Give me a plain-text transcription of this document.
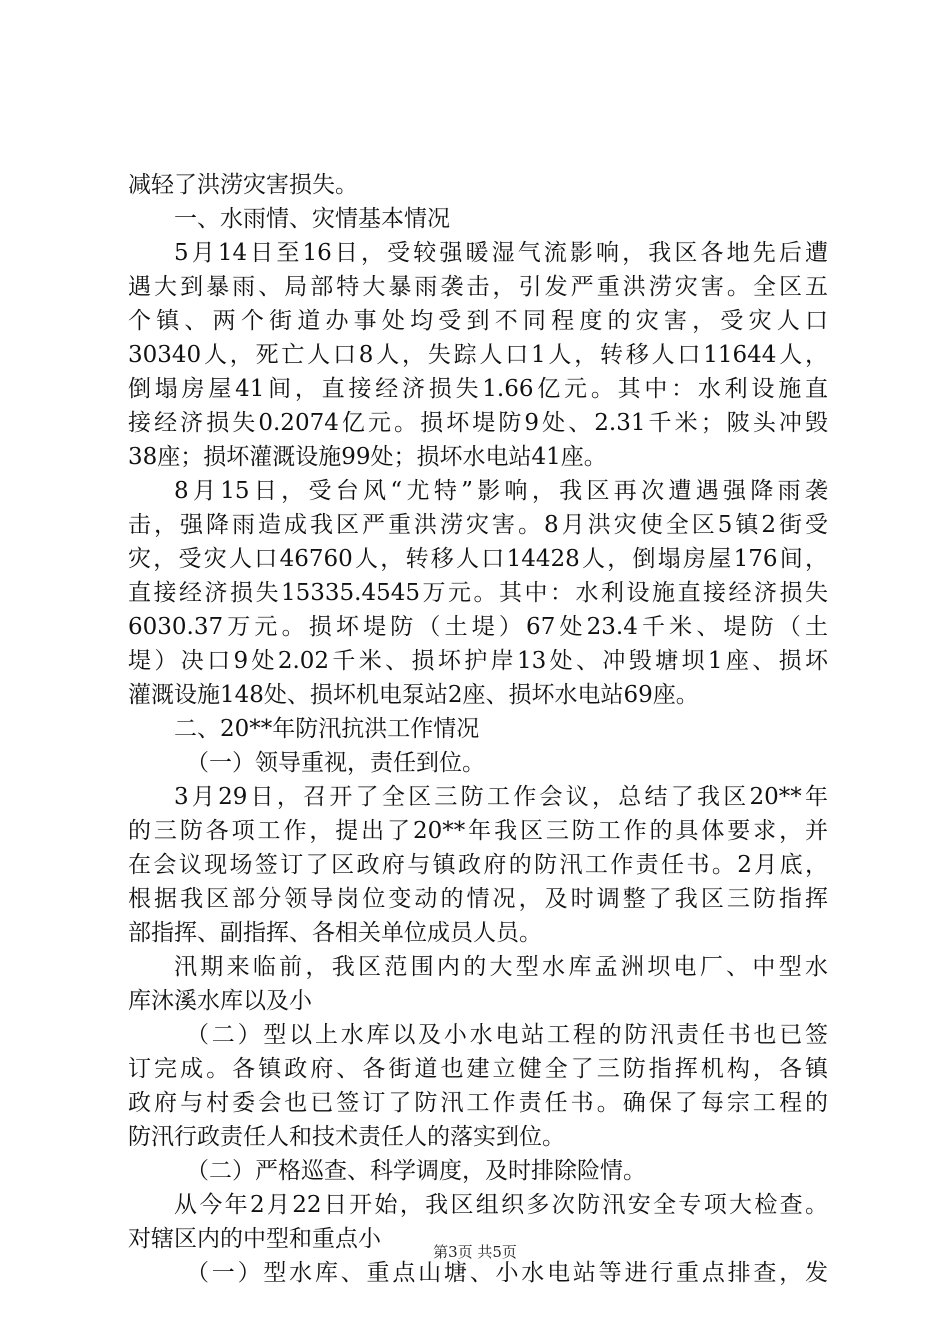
减轻了洪涝灾害损失。
一、水雨情、灾情基本情况
5月14日至16日，受较强暖湿气流影响，我区各地先后遭
遇大到暴雨、局部特大暴雨袭击，引发严重洪涝灾害。全区五
个镇、两个街道办事处均受到不同程度的灾害，受灾人口
30340人，死亡人口8人，失踪人口1人，转移人口11644人，
倒塌房屋41间，直接经济损失1.66亿元。其中：水利设施直
接经济损失0.2074亿元。损坏堤防9处、2.31千米；陂头冲毁
38座；损坏灌溉设施99处；损坏水电站41座。
8月15日，受台风“尤特”影响，我区再次遭遇强降雨袭
击，强降雨造成我区严重洪涝灾害。8月洪灾使全区5镇2街受
灾，受灾人口46760人，转移人口14428人，倒塌房屋176间，
直接经济损失15335.4545万元。其中：水利设施直接经济损失
6030.37万元。损坏堤防（土堤）67处23.4千米、堤防（土
堤）决口9处2.02千米、损坏护岸13处、冲毁塘坝1座、损坏
灌溉设施148处、损坏机电泵站2座、损坏水电站69座。
二、20**年防汛抗洪工作情况
（一）领导重视，责任到位。
3月29日，召开了全区三防工作会议，总结了我区20**年
的三防各项工作，提出了20**年我区三防工作的具体要求，并
在会议现场签订了区政府与镇政府的防汛工作责任书。2月底，
根据我区部分领导岗位变动的情况，及时调整了我区三防指挥
部指挥、副指挥、各相关单位成员人员。
汛期来临前，我区范围内的大型水库孟洲坝电厂、中型水
库沐溪水库以及小
（二）型以上水库以及小水电站工程的防汛责任书也已签
订完成。各镇政府、各街道也建立健全了三防指挥机构，各镇
政府与村委会也已签订了防汛工作责任书。确保了每宗工程的
防汛行政责任人和技术责任人的落实到位。
（二）严格巡查、科学调度，及时排除险情。
从今年2月22日开始，我区组织多次防汛安全专项大检查。
对辖区内的中型和重点小
（一）型水库、重点山塘、小水电站等进行重点排查，发
第3页 共5页
